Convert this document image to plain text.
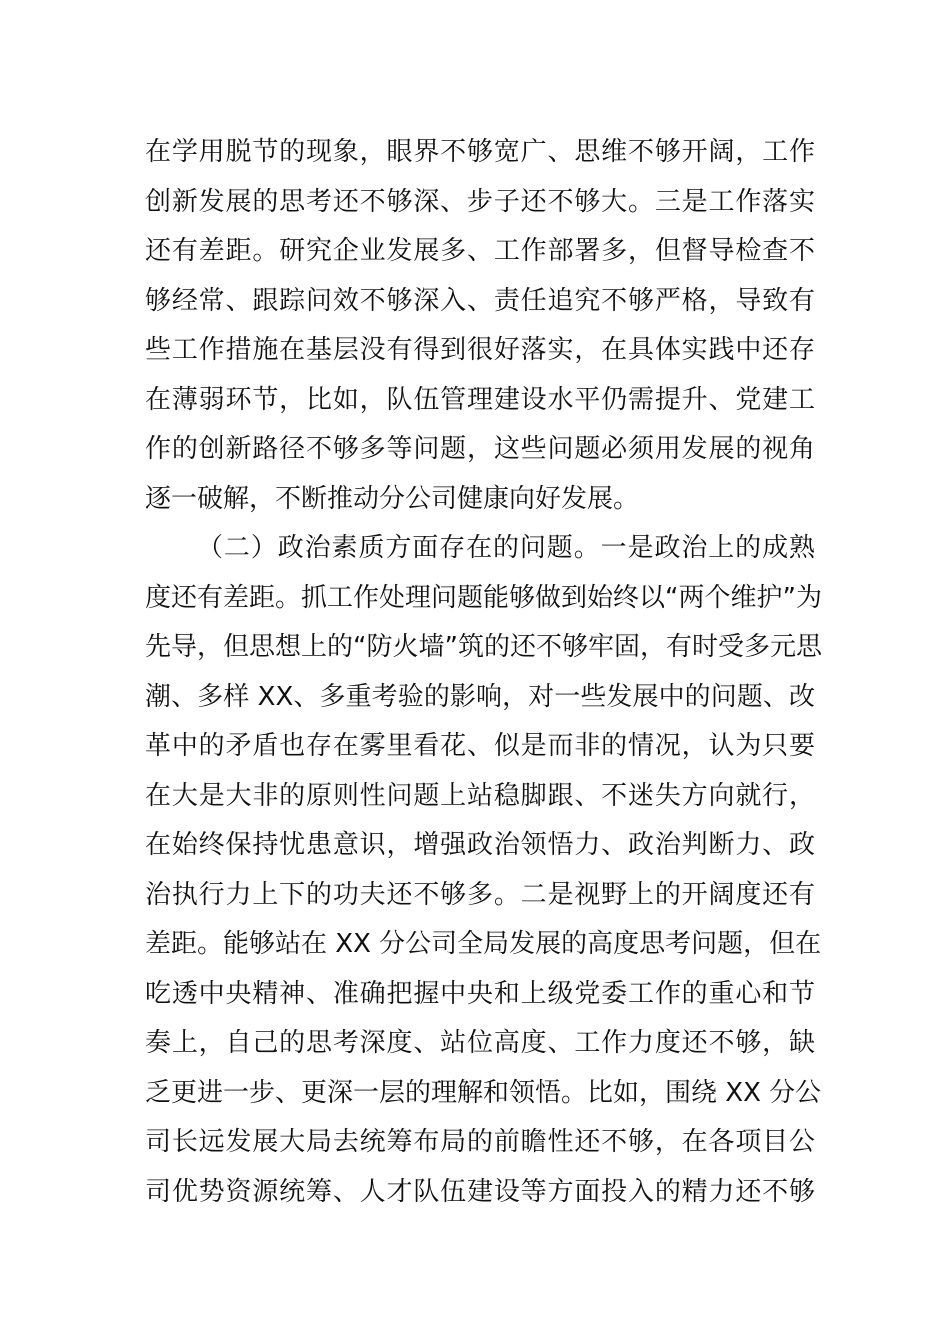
在学用脱节的现象，眼界不够宽广、思维不够开阔，工作
创新发展的思考还不够深、步子还不够大。三是工作落实
还有差距。研究企业发展多、工作部署多，但督导检查不
够经常、跟踪问效不够深入、责任追究不够严格，导致有
些工作措施在基层没有得到很好落实，在具体实践中还存
在薄弱环节，比如，队伍管理建设水平仍需提升、党建工
作的创新路径不够多等问题，这些问题必须用发展的视角
逐一破解，不断推动分公司健康向好发展。
（二）政治素质方面存在的问题。一是政治上的成熟
度还有差距。抓工作处理问题能够做到始终以“两个维护”为
先导，但思想上的“防火墙”筑的还不够牢固，有时受多元思
潮、多样 XX、多重考验的影响，对一些发展中的问题、改
革中的矛盾也存在雾里看花、似是而非的情况，认为只要
在大是大非的原则性问题上站稳脚跟、不迷失方向就行，
在始终保持忧患意识，增强政治领悟力、政治判断力、政
治执行力上下的功夫还不够多。二是视野上的开阔度还有
差距。能够站在 XX 分公司全局发展的高度思考问题，但在
吃透中央精神、准确把握中央和上级党委工作的重心和节
奏上，自己的思考深度、站位高度、工作力度还不够，缺
乏更进一步、更深一层的理解和领悟。比如，围绕 XX 分公
司长远发展大局去统筹布局的前瞻性还不够，在各项目公
司优势资源统筹、人才队伍建设等方面投入的精力还不够
